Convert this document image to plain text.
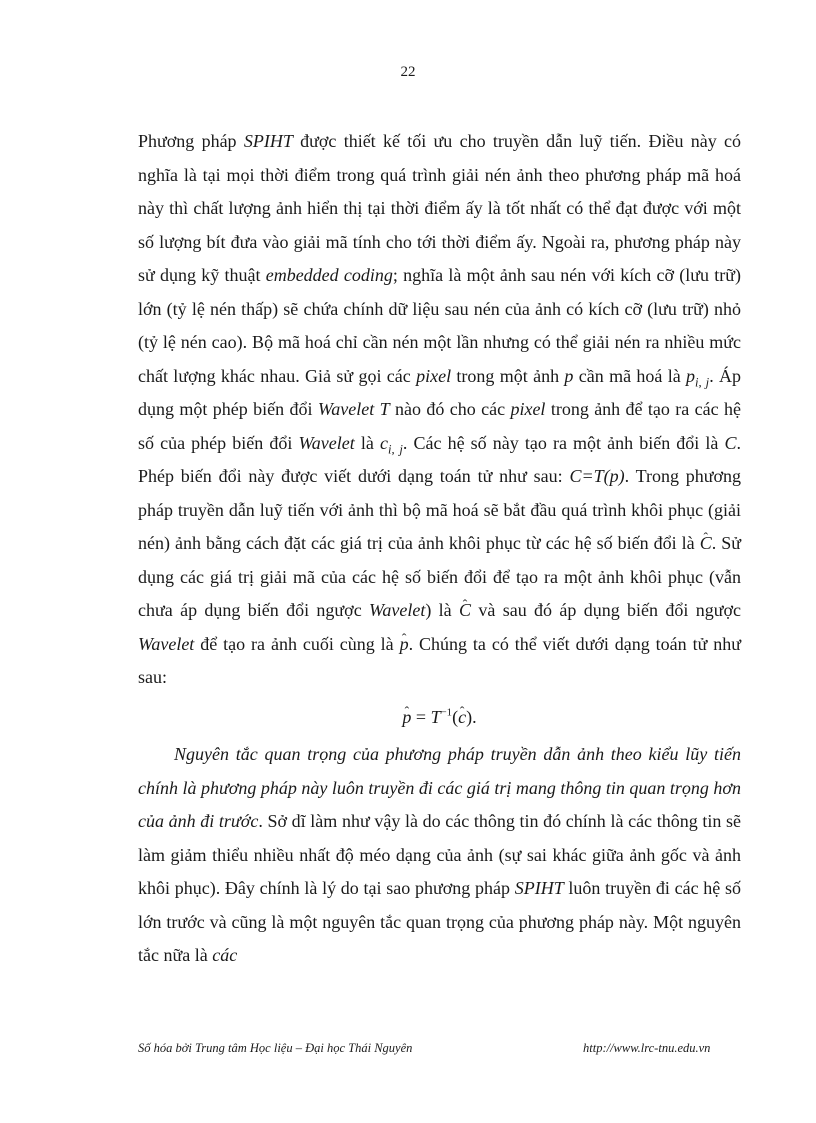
22

Phương pháp SPIHT được thiết kế tối ưu cho truyền dẫn luỹ tiến. Điều này có nghĩa là tại mọi thời điểm trong quá trình giải nén ảnh theo phương pháp mã hoá này thì chất lượng ảnh hiển thị tại thời điểm ấy là tốt nhất có thể đạt được với một số lượng bít đưa vào giải mã tính cho tới thời điểm ấy. Ngoài ra, phương pháp này sử dụng kỹ thuật embedded coding; nghĩa là một ảnh sau nén với kích cỡ (lưu trữ) lớn (tỷ lệ nén thấp) sẽ chứa chính dữ liệu sau nén của ảnh có kích cỡ (lưu trữ) nhỏ (tỷ lệ nén cao). Bộ mã hoá chỉ cần nén một lần nhưng có thể giải nén ra nhiều mức chất lượng khác nhau. Giả sử gọi các pixel trong một ảnh p cần mã hoá là $p_{i, j}$. Áp dụng một phép biến đổi Wavelet T nào đó cho các pixel trong ảnh để tạo ra các hệ số của phép biến đổi Wavelet là $c_{i, j}$. Các hệ số này tạo ra một ảnh biến đổi là C. Phép biến đổi này được viết dưới dạng toán tử như sau: C=T(p). Trong phương pháp truyền dẫn luỹ tiến với ảnh thì bộ mã hoá sẽ bắt đầu quá trình khôi phục (giải nén) ảnh bằng cách đặt các giá trị của ảnh khôi phục từ các hệ số biến đổi là ˆ C. Sử dụng các giá trị giải mã của các hệ số biến đổi để tạo ra một ảnh khôi phục (vẫn chưa áp dụng biến đổi ngược Wavelet) là ˆ C và sau đó áp dụng biến đổi ngược Wavelet để tạo ra ảnh cuối cùng là ˆ p. Chúng ta có thể viết dưới dạng toán tử như sau:

ˆ $p = T^{-1}(ˆ$ c).

Nguyên tắc quan trọng của phương pháp truyền dẫn ảnh theo kiểu lũy tiến chính là phương pháp này luôn truyền đi các giá trị mang thông tin quan trọng hơn của ảnh đi trước. Sở dĩ làm như vậy là do các thông tin đó chính là các thông tin sẽ làm giảm thiểu nhiều nhất độ méo dạng của ảnh (sự sai khác giữa ảnh gốc và ảnh khôi phục). Đây chính là lý do tại sao phương pháp SPIHT luôn truyền đi các hệ số lớn trước và cũng là một nguyên tắc quan trọng của phương pháp này. Một nguyên tắc nữa là các

Số hóa bởi Trung tâm Học liệu – Đại học Thái Nguyên	http://www.lrc-tnu.edu.vn
